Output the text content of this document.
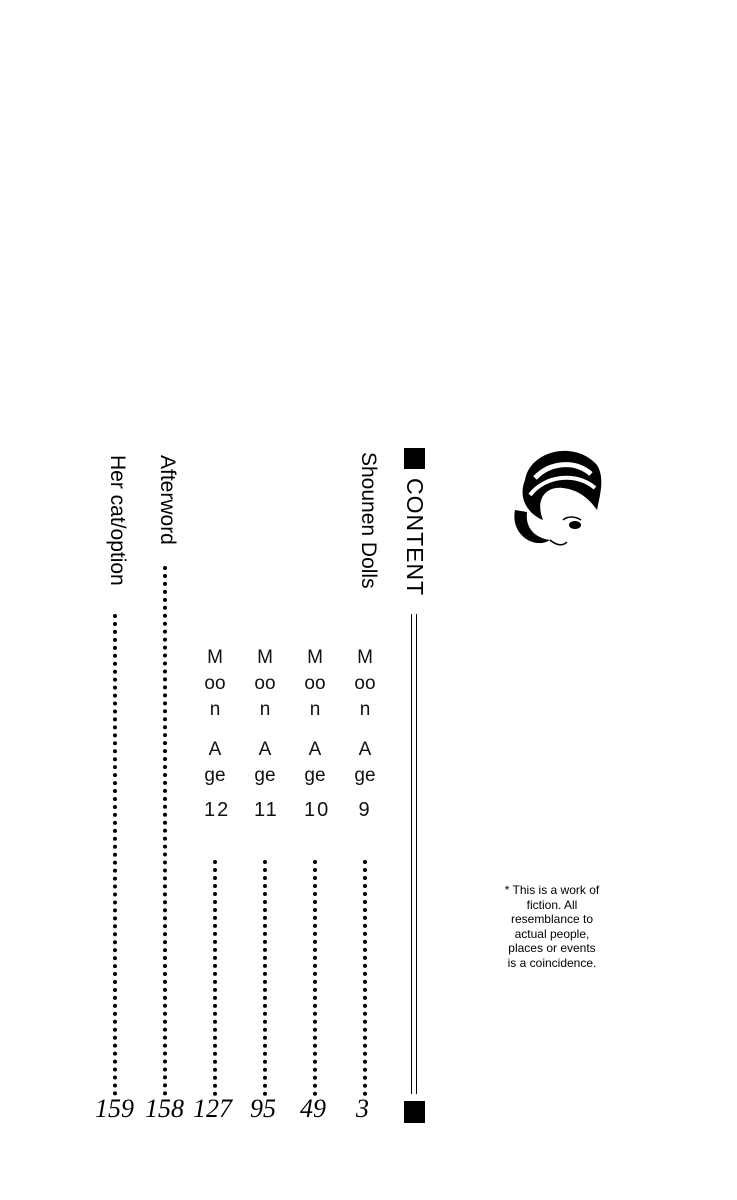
CONTENT
Shounen Dolls
Moon
Age
9
3
Moon
Age
10
49
Moon
Age
11
95
Moon
Age
12
127
Afterword
158
Her cat/option
159
* This is a work of fiction. All resemblance to actual people, places or events is a coincidence.
